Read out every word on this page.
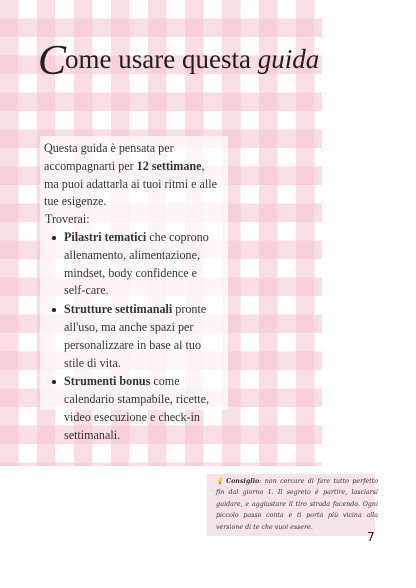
Come usare questa guida

Questa guida è pensata per accompagnarti per 12 settimane, ma puoi adattarla ai tuoi ritmi e alle tue esigenze.

Troverai:

Pilastri tematici che coprono allenamento, alimentazione, mindset, body confidence e self-care.
Strutture settimanali pronte all'uso, ma anche spazi per personalizzare in base al tuo stile di vita.
Strumenti bonus come calendario stampabile, ricette, video esecuzione e check-in settimanali.

💡 Consiglio: non cercare di fare tutto perfetto fin dal giorno 1. Il segreto è partire, lasciarsi guidare, e aggiustare il tiro strada facendo. Ogni piccolo passo conta e ti porta più vicina alla versione di te che vuoi essere.

7
